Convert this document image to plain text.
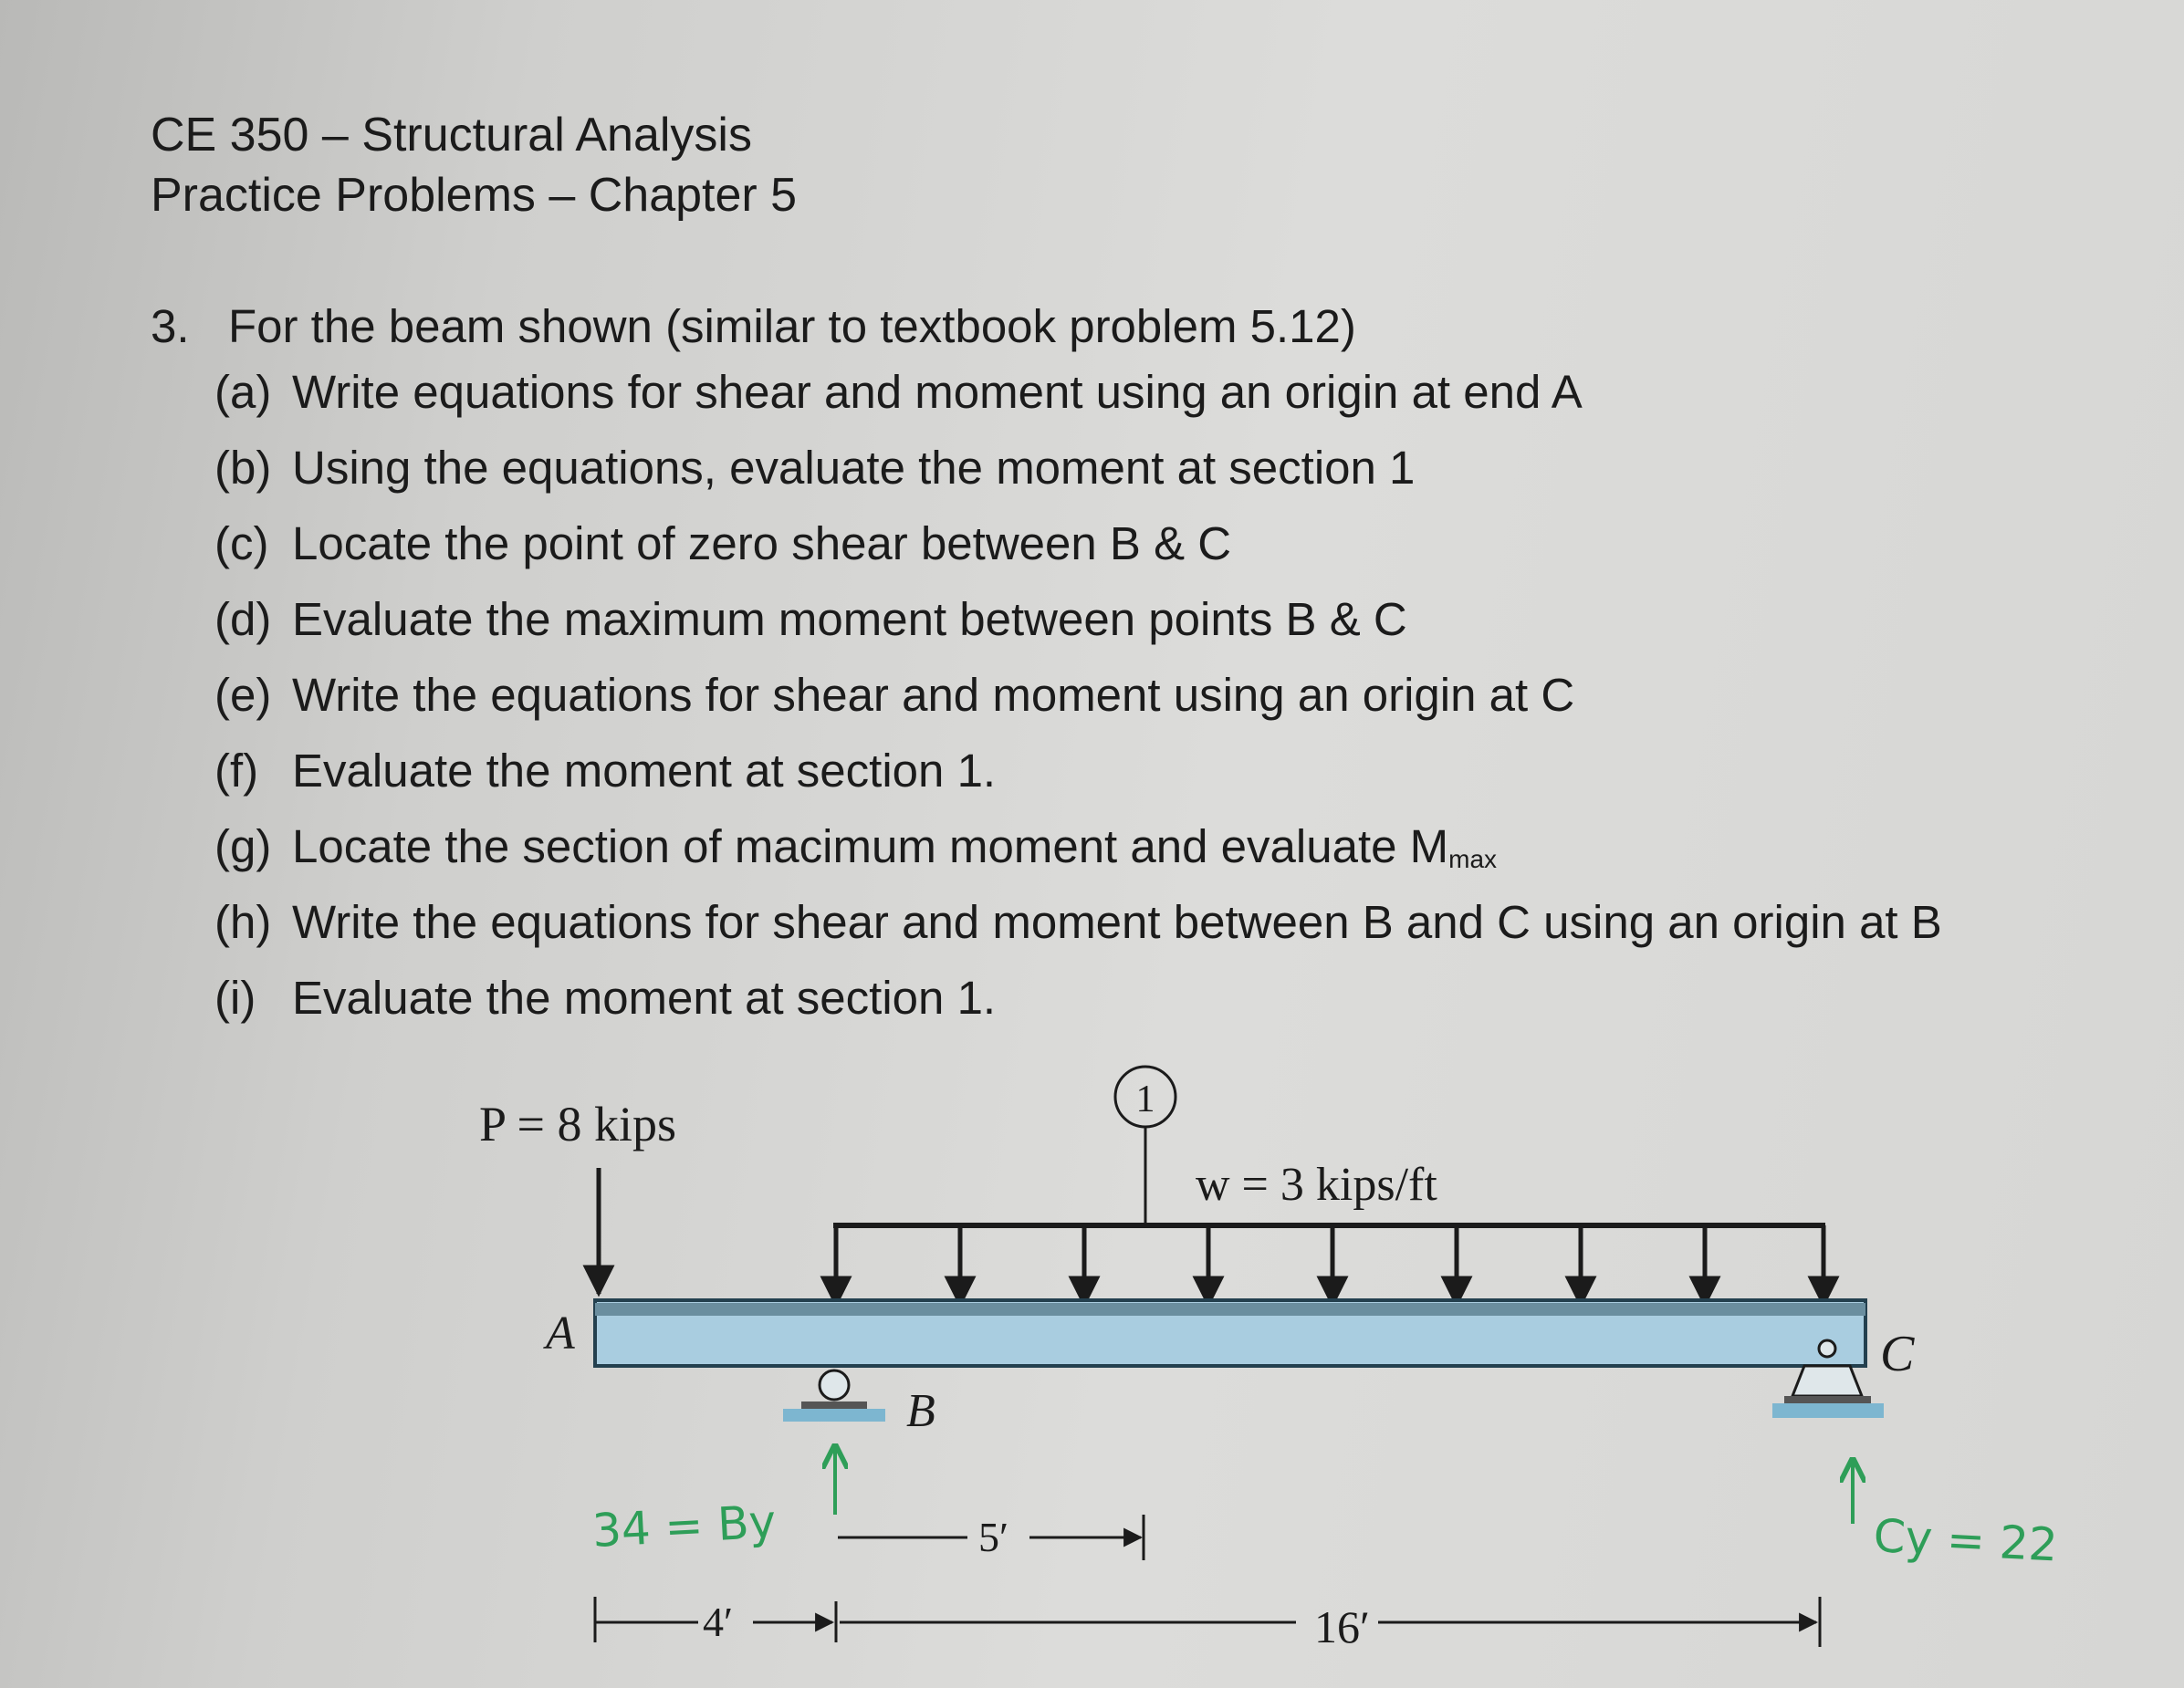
CE 350 – Structural Analysis
Practice Problems – Chapter 5
3. For the beam shown (similar to textbook problem 5.12)
(a) Write equations for shear and moment using an origin at end A
(b) Using the equations, evaluate the moment at section 1
(c) Locate the point of zero shear between B & C
(d) Evaluate the maximum moment between points B & C
(e) Write the equations for shear and moment using an origin at C
(f) Evaluate the moment at section 1.
(g) Locate the section of macimum moment and evaluate $M_{max}$
(h) Write the equations for shear and moment between B and C using an origin at B
(i) Evaluate the moment at section 1.
P = 8 kips	1
w = 3 kips/ft
A
B
C
5′
4′	16′
34 = By	Cy = 22
